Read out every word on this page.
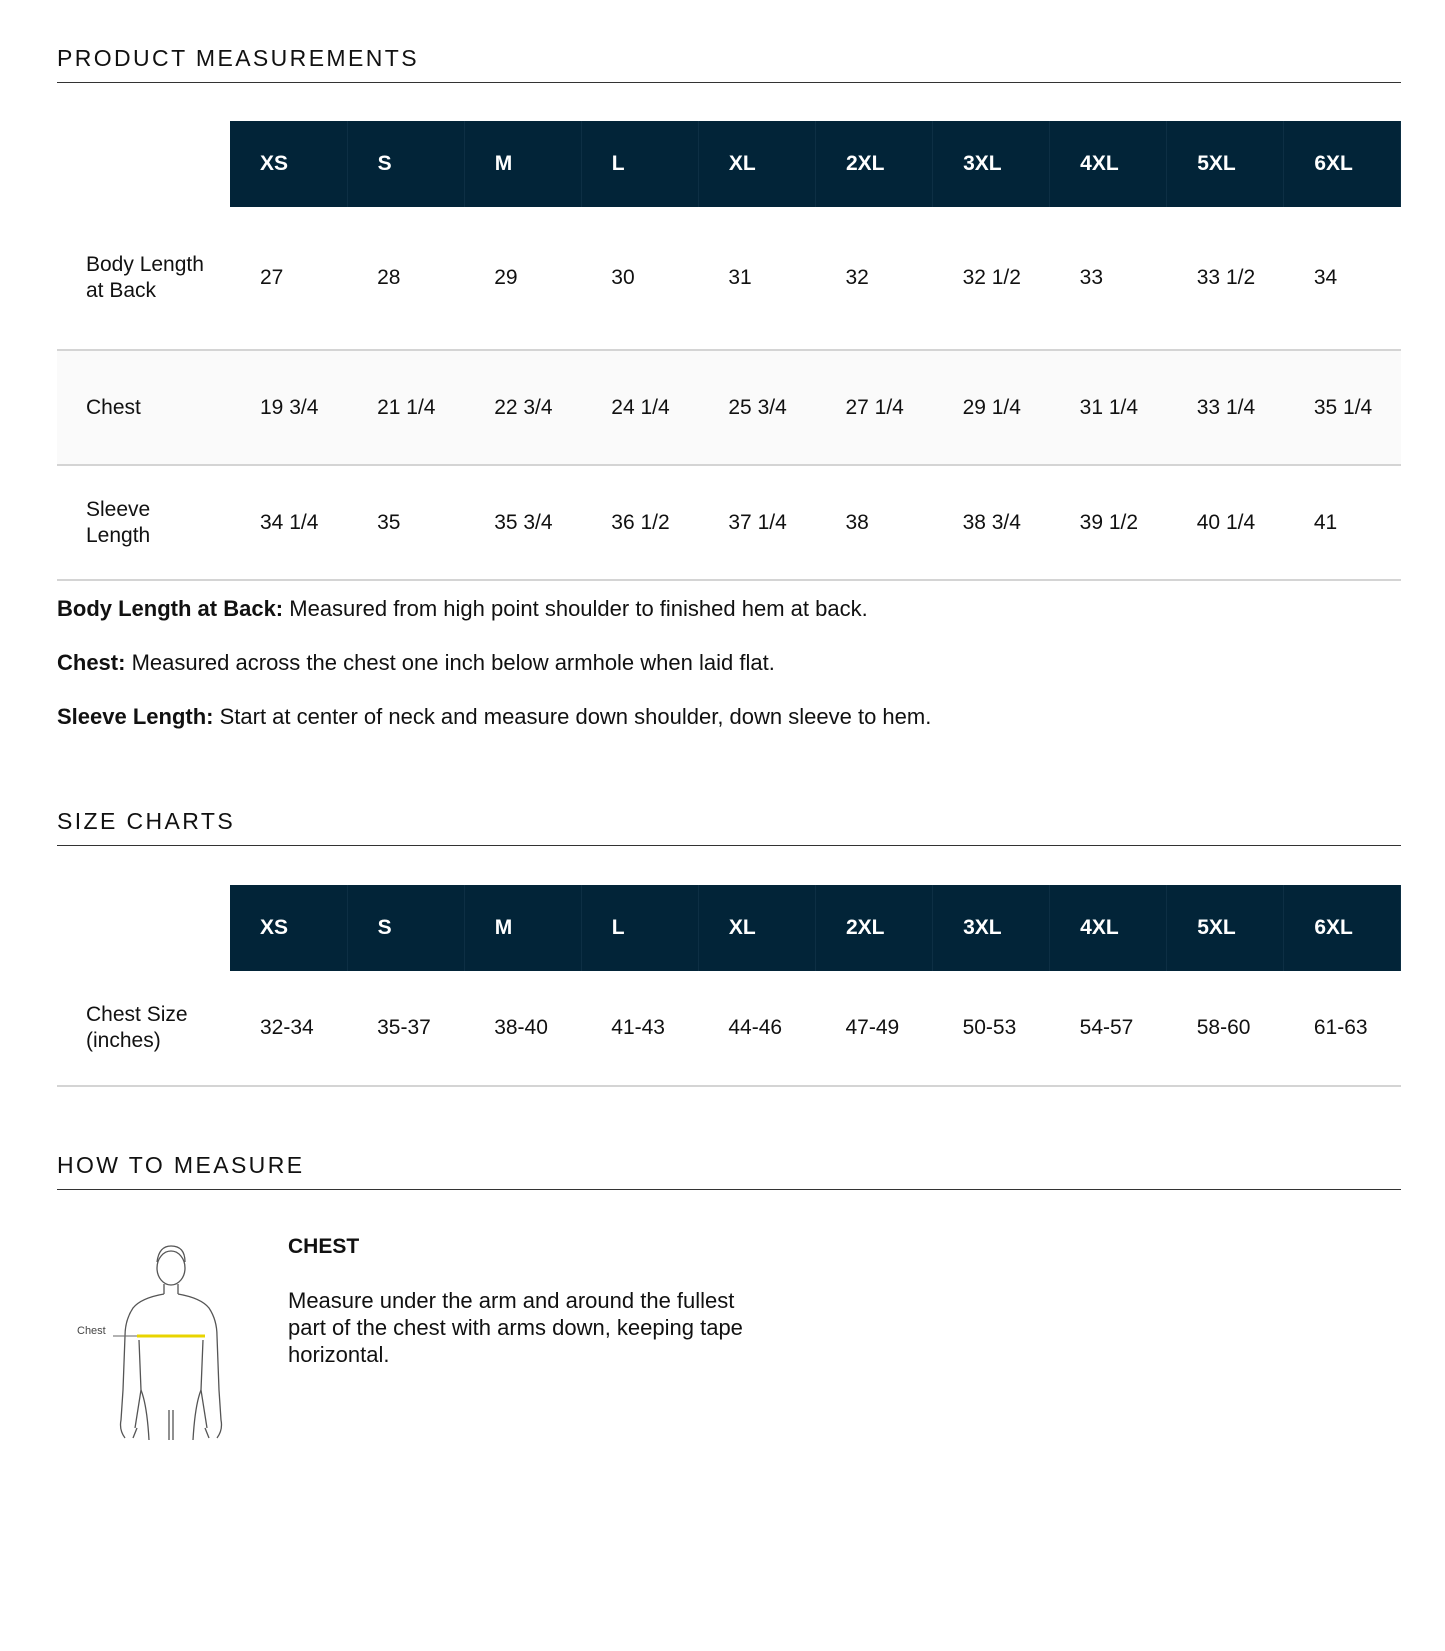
PRODUCT MEASUREMENTS
	XS	S	M	L	XL	2XL	3XL	4XL	5XL	6XL
Body Length at Back	27	28	29	30	31	32	32 1/2	33	33 1/2	34
Chest	19 3/4	21 1/4	22 3/4	24 1/4	25 3/4	27 1/4	29 1/4	31 1/4	33 1/4	35 1/4
Sleeve Length	34 1/4	35	35 3/4	36 1/2	37 1/4	38	38 3/4	39 1/2	40 1/4	41

Body Length at Back: Measured from high point shoulder to finished hem at back.

Chest: Measured across the chest one inch below armhole when laid flat.

Sleeve Length: Start at center of neck and measure down shoulder, down sleeve to hem.

SIZE CHARTS
	XS	S	M	L	XL	2XL	3XL	4XL	5XL	6XL
Chest Size (inches)	32-34	35-37	38-40	41-43	44-46	47-49	50-53	54-57	58-60	61-63
HOW TO MEASURE
Chest

CHEST

Measure under the arm and around the fullest part of the chest with arms down, keeping tape horizontal.
